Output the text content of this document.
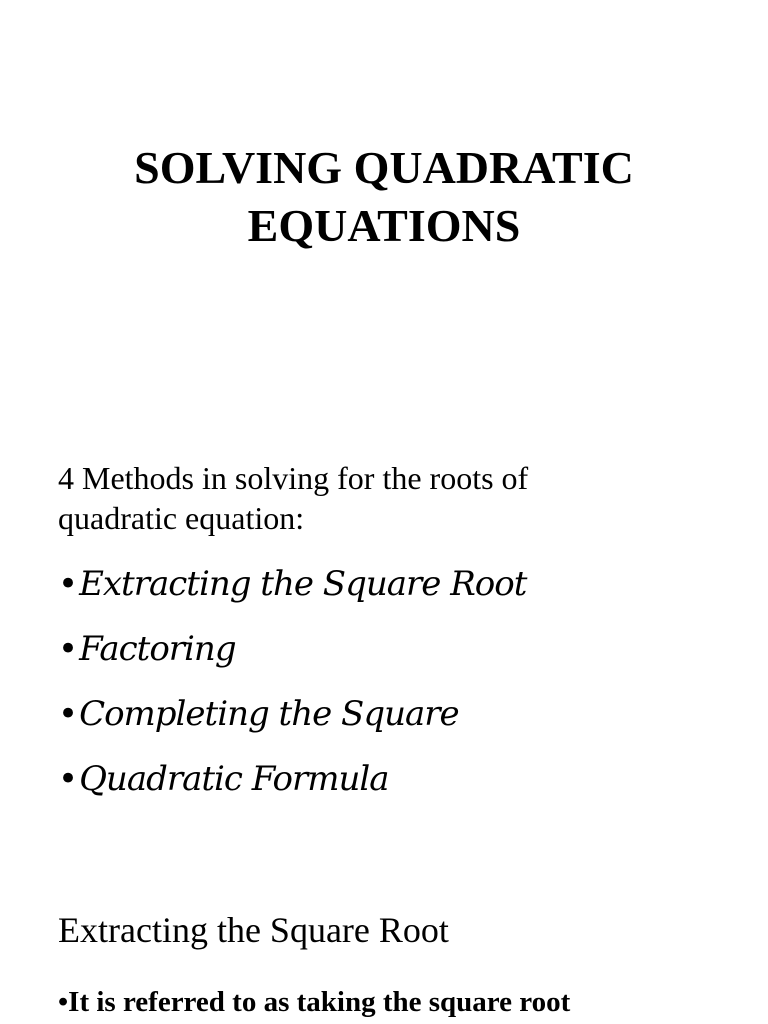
SOLVING QUADRATIC
EQUATIONS
4 Methods in solving for the roots of
quadratic equation:
•Extracting the Square Root
•Factoring
•Completing the Square
•Quadratic Formula
Extracting the Square Root
•It is referred to as taking the square root
